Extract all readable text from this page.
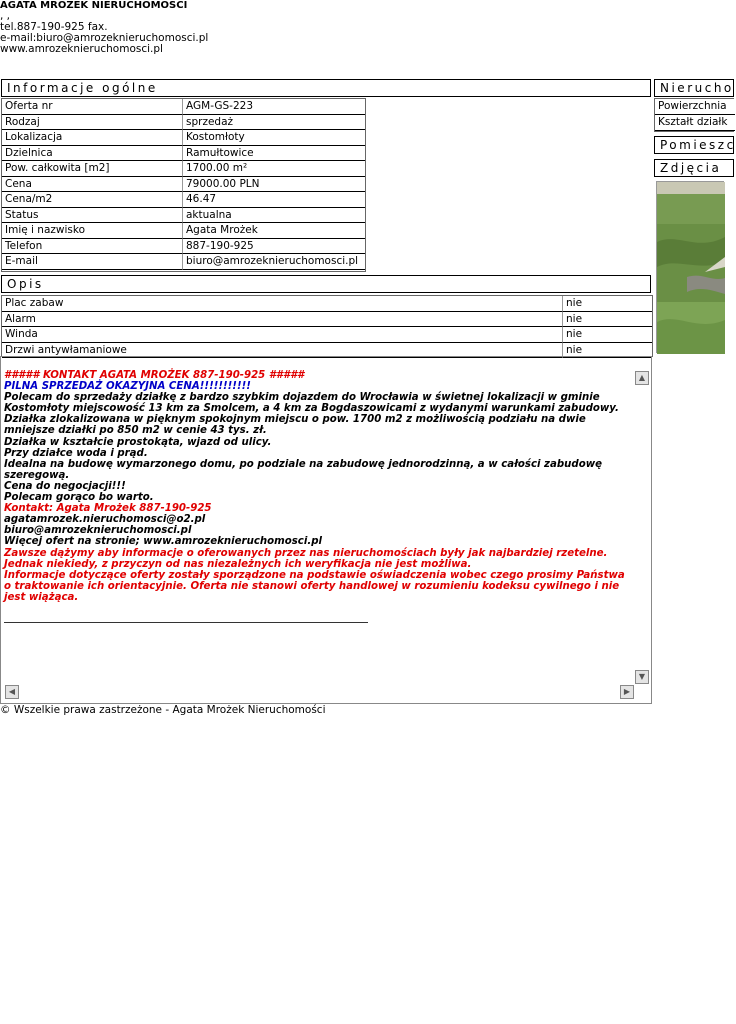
AGATA MROŻEK NIERUCHOMOŚCI
, ,
tel.887-190-925 fax.
e-mail:biuro@amrozeknieruchomosci.pl
www.amrozeknieruchomosci.pl
Informacje ogólne	Nierucho
Oferta nr	AGM-GS-223
Rodzaj	sprzedaż
Lokalizacja	Kostomłoty
Dzielnica	Ramułtowice
Pow. całkowita [m2]	1700.00 m²
Cena	79000.00 PLN
Cena/m2	46.47
Status	aktualna
Imię i nazwisko	Agata Mrożek
Telefon	887-190-925
E-mail	biuro@amrozeknieruchomosci.pl
Powierzchnia
Kształt działk
Pomieszc
Zdjęcia
Opis
Plac zabaw	nie
Alarm	nie
Winda	nie
Drzwi antywłamaniowe	nie
##### KONTAKT AGATA MROŻEK 887-190-925 #####
PILNA SPRZEDAŻ OKAZYJNA CENA!!!!!!!!!!!
Polecam do sprzedaży działkę z bardzo szybkim dojazdem do Wrocławia w świetnej lokalizacji w gminie Kostomłoty miejscowość 13 km za Smolcem, a 4 km za Bogdaszowicami z wydanymi warunkami zabudowy.
Działka zlokalizowana w pięknym spokojnym miejscu o pow. 1700 m2 z możliwością podziału na dwie mniejsze działki po 850 m2 w cenie 43 tys. zł.
Działka w kształcie prostokąta, wjazd od ulicy.
Przy działce woda i prąd.
Idealna na budowę wymarzonego domu, po podziale na zabudowę jednorodzinną, a w całości zabudowę szeregową.
Cena do negocjacji!!!
Polecam gorąco bo warto.
Kontakt: Agata Mrożek 887-190-925
agatamrozek.nieruchomosci@o2.pl
biuro@amrozeknieruchomosci.pl
Więcej ofert na stronie; www.amrozeknieruchomosci.pl
Zawsze dążymy aby informacje o oferowanych przez nas nieruchomościach były jak najbardziej rzetelne. Jednak niekiedy, z przyczyn od nas niezależnych ich weryfikacja nie jest możliwa.
Informacje dotyczące oferty zostały sporządzone na podstawie oświadczenia wobec czego prosimy Państwa o traktowanie ich orientacyjnie. Oferta nie stanowi oferty handlowej w rozumieniu kodeksu cywilnego i nie jest wiążąca.
▲
▼
◀	▶
© Wszelkie prawa zastrzeżone - Agata Mrożek Nieruchomości
